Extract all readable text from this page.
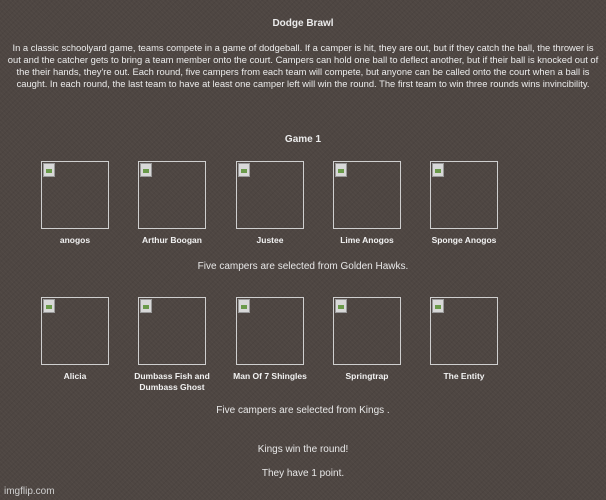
Dodge Brawl
In a classic schoolyard game, teams compete in a game of dodgeball. If a camper is hit, they are out, but if they catch the ball, the thrower is out and the catcher gets to bring a team member onto the court. Campers can hold one ball to deflect another, but if their ball is knocked out of the their hands, they're out. Each round, five campers from each team will compete, but anyone can be called onto the court when a ball is caught. In each round, the last team to have at least one camper left will win the round. The first team to win three rounds wins invincibility.
Game 1
anogos	Arthur Boogan	Justee	Lime Anogos	Sponge Anogos
Five campers are selected from Golden Hawks.
Alicia	Dumbass Fish and Dumbass Ghost
Man Of 7 Shingles	Springtrap	The Entity
Five campers are selected from Kings .
Kings win the round!
They have 1 point.
imgflip.com
